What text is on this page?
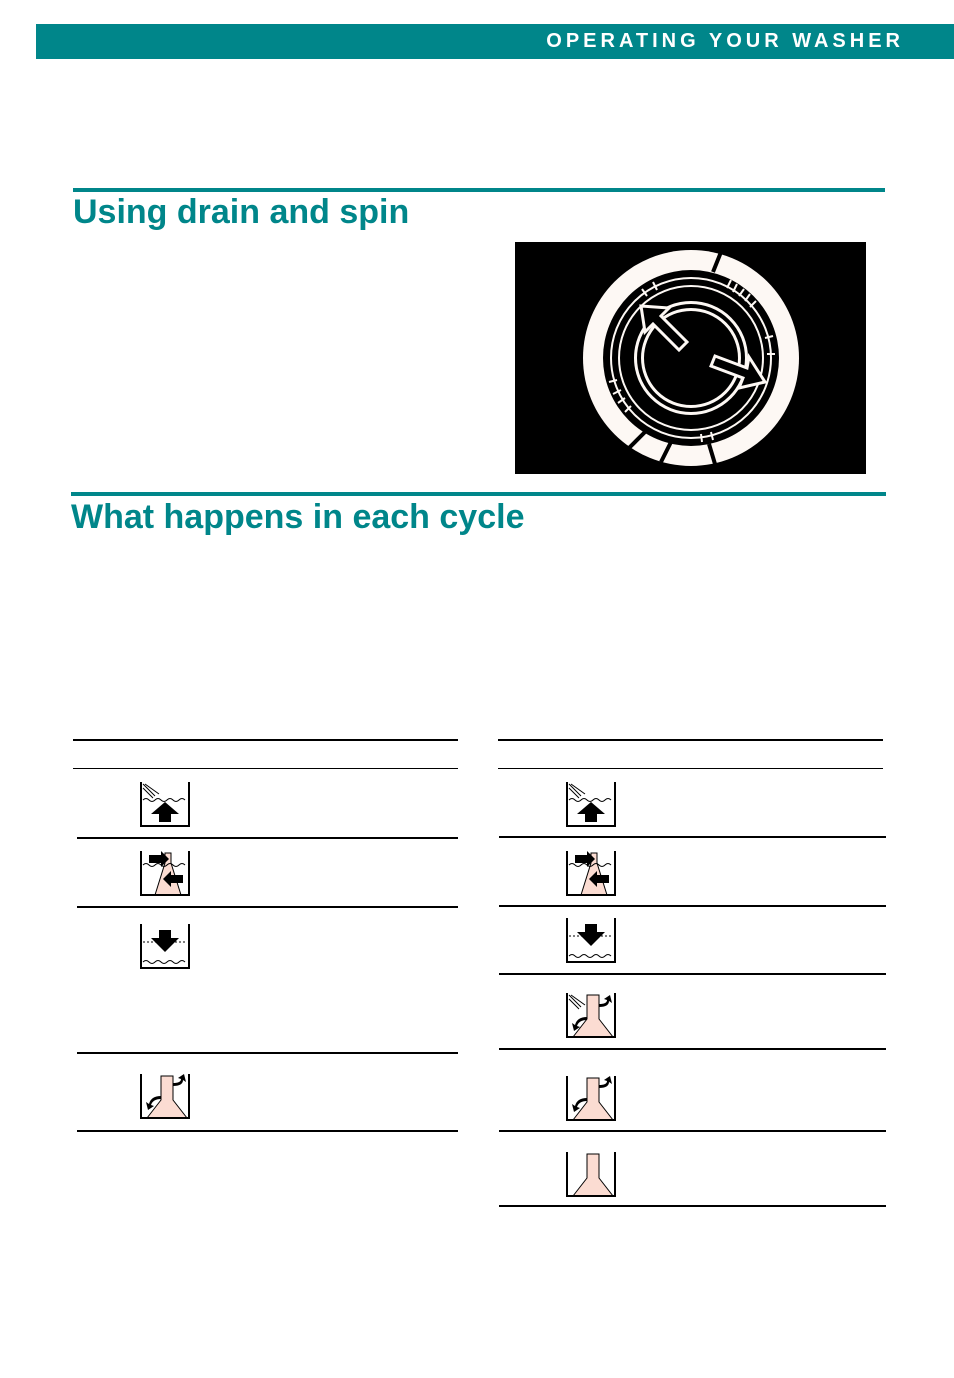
OPERATING YOUR WASHER
Using drain and spin
What happens in each cycle
